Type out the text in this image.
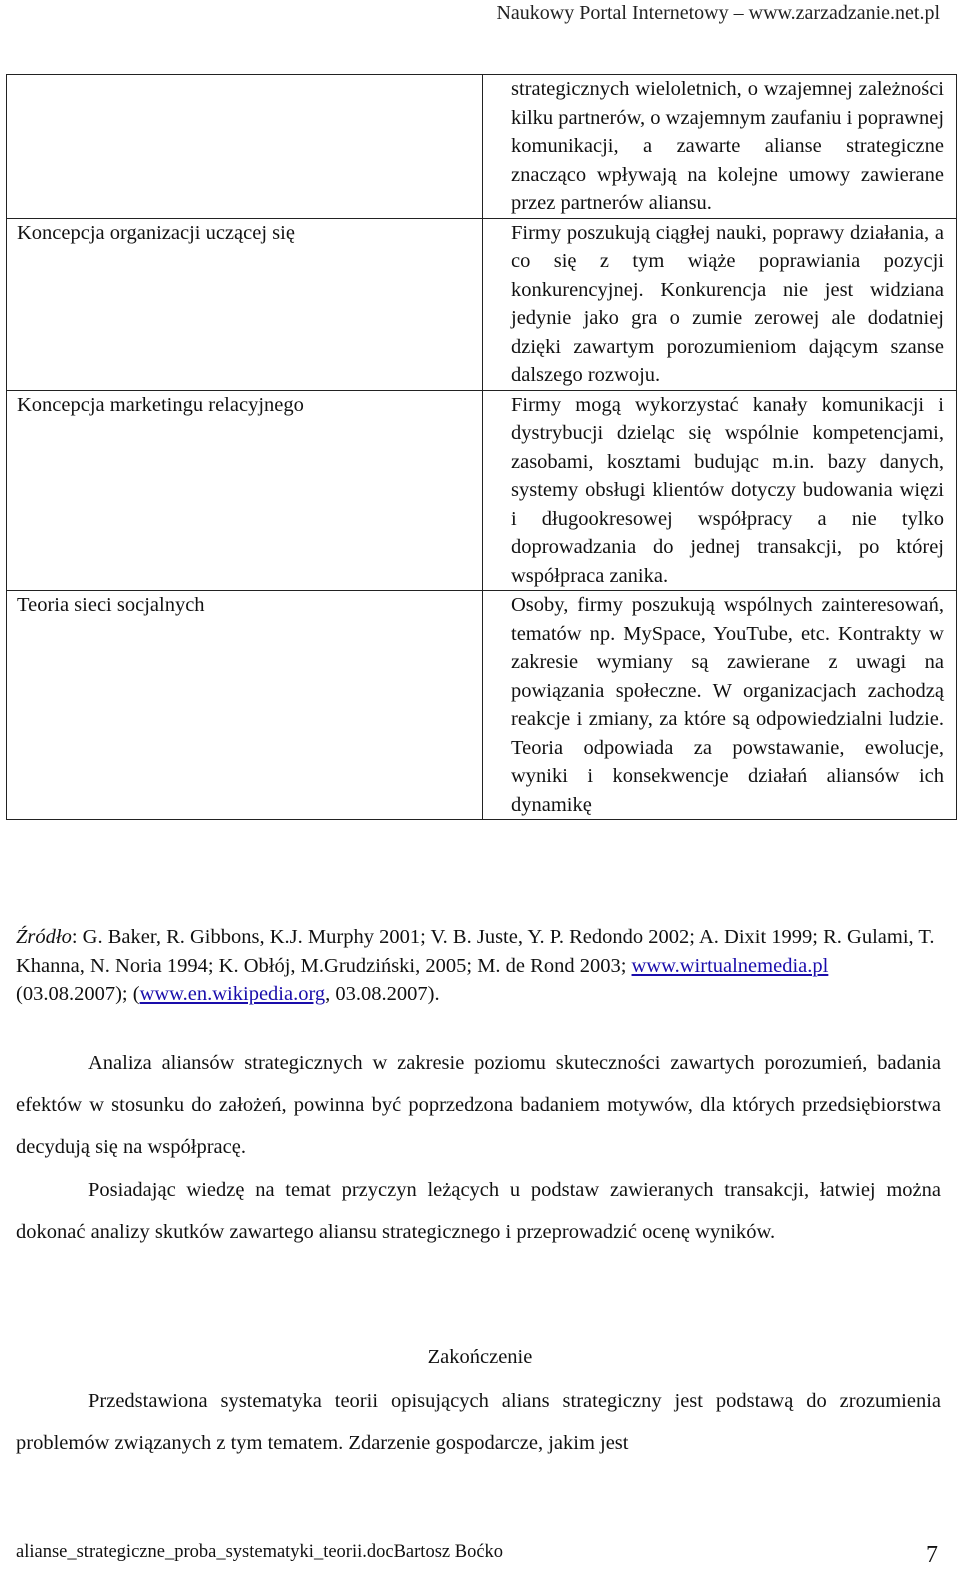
Naukowy Portal Internetowy – www.zarzadzanie.net.pl
	strategicznych wieloletnich, o wzajemnej zależności kilku partnerów, o wzajemnym zaufaniu i poprawnej komunikacji, a zawarte alianse strategiczne znacząco wpływają na kolejne umowy zawierane przez partnerów aliansu.
Koncepcja organizacji uczącej się	Firmy poszukują ciągłej nauki, poprawy działania, a co się z tym wiąże poprawiania pozycji konkurencyjnej. Konkurencja nie jest widziana jedynie jako gra o zumie zerowej ale dodatniej dzięki zawartym porozumieniom dającym szanse dalszego rozwoju.
Koncepcja marketingu relacyjnego	Firmy mogą wykorzystać kanały komunikacji i dystrybucji dzieląc się wspólnie kompetencjami, zasobami, kosztami budując m.in. bazy danych, systemy obsługi klientów dotyczy budowania więzi i długookresowej współpracy a nie tylko doprowadzania do jednej transakcji, po której współpraca zanika.
Teoria sieci socjalnych	Osoby, firmy poszukują wspólnych zainteresowań, tematów np. MySpace, YouTube, etc. Kontrakty w zakresie wymiany są zawierane z uwagi na powiązania społeczne. W organizacjach zachodzą reakcje i zmiany, za które są odpowiedzialni ludzie. Teoria odpowiada za powstawanie, ewolucje, wyniki i konsekwencje działań aliansów ich dynamikę
Źródło: G. Baker, R. Gibbons, K.J. Murphy 2001; V. B. Juste, Y. P. Redondo 2002; A. Dixit 1999; R. Gulami, T. Khanna, N. Noria 1994; K. Obłój, M.Grudziński, 2005; M. de Rond 2003; www.wirtualnemedia.pl (03.08.2007); (www.en.wikipedia.org, 03.08.2007).
Analiza aliansów strategicznych w zakresie poziomu skuteczności zawartych porozumień, badania efektów w stosunku do założeń, powinna być poprzedzona badaniem motywów, dla których przedsiębiorstwa decydują się na współpracę.
Posiadając wiedzę na temat przyczyn leżących u podstaw zawieranych transakcji, łatwiej można dokonać analizy skutków zawartego aliansu strategicznego i przeprowadzić ocenę wyników.
Zakończenie
Przedstawiona systematyka teorii opisujących alians strategiczny jest podstawą do zrozumienia problemów związanych z tym tematem. Zdarzenie gospodarcze, jakim jest
alianse_strategiczne_proba_systematyki_teorii.docBartosz Boćko	7
